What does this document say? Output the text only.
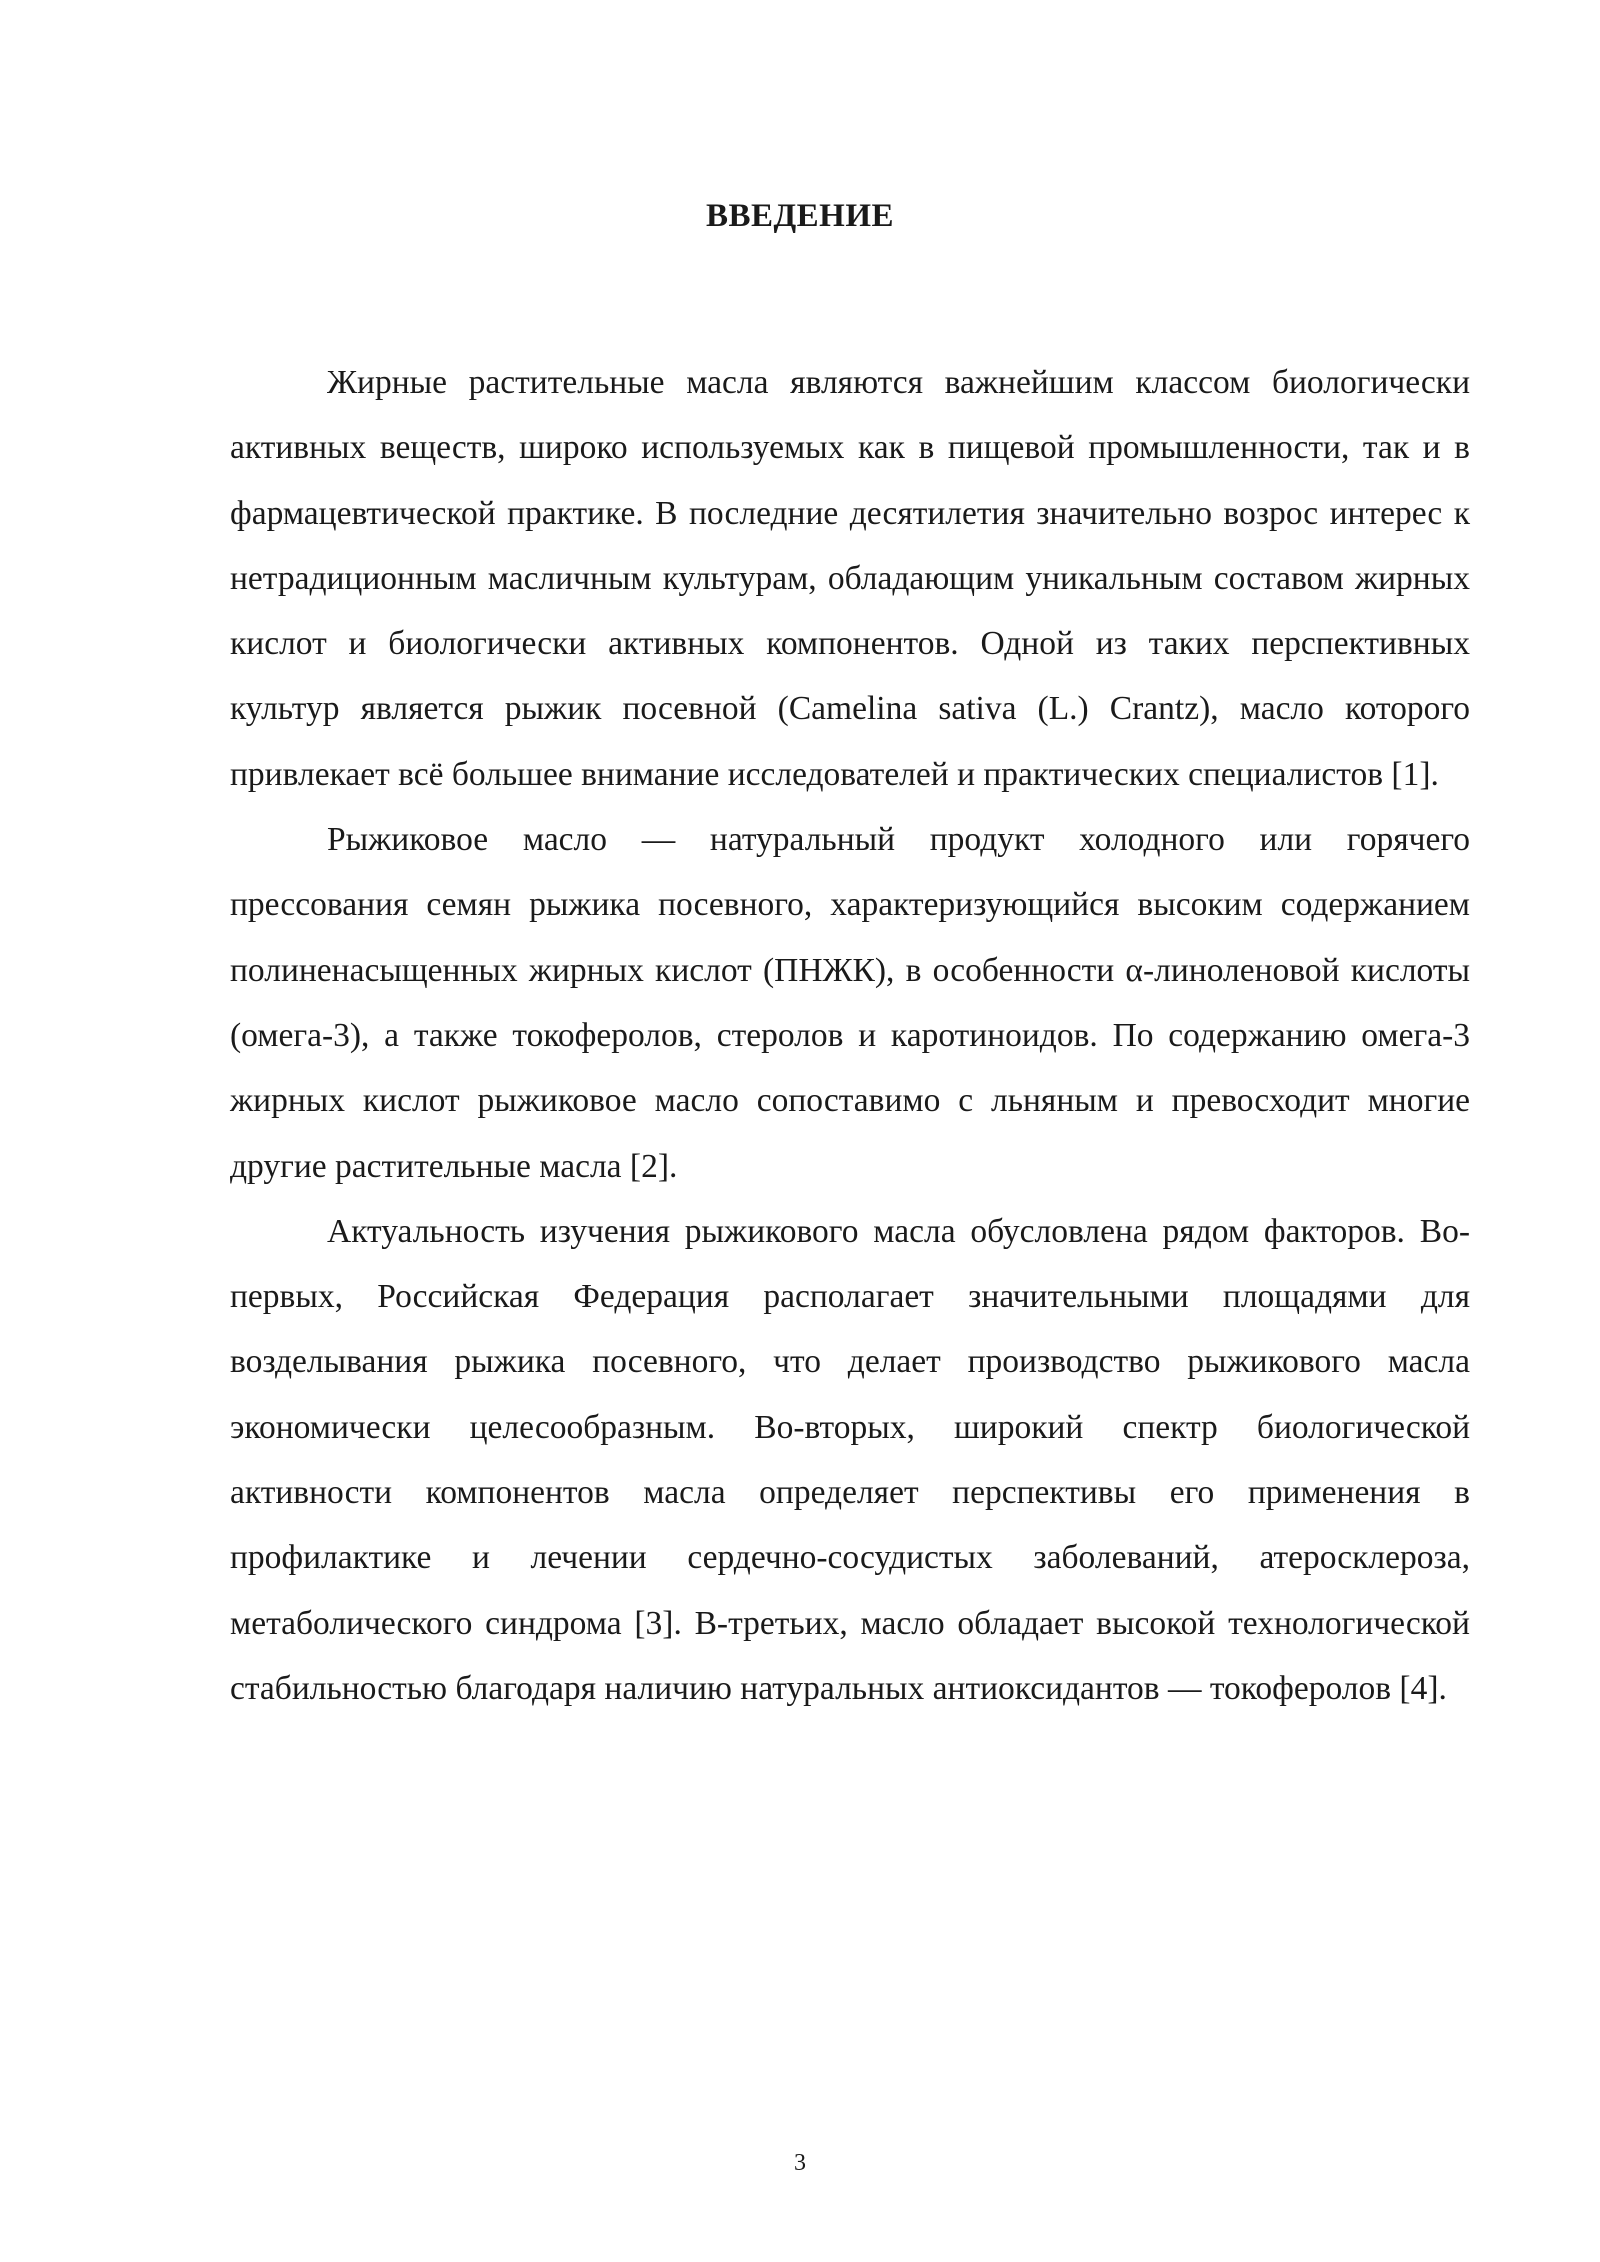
ВВЕДЕНИЕ

Жирные растительные масла являются важнейшим классом биологически активных веществ, широко используемых как в пищевой промышленности, так и в фармацевтической практике. В последние десятилетия значительно возрос интерес к нетрадиционным масличным культурам, обладающим уникальным составом жирных кислот и биологически активных компонентов. Одной из таких перспективных культур является рыжик посевной (Camelina sativa (L.) Crantz), масло которого привлекает всё большее внимание исследователей и практических специалистов [1].

Рыжиковое масло — натуральный продукт холодного или горячего прессования семян рыжика посевного, характеризующийся высоким содержанием полиненасыщенных жирных кислот (ПНЖК), в особенности α-линоленовой кислоты (омега-3), а также токоферолов, стеролов и каротиноидов. По содержанию омега-3 жирных кислот рыжиковое масло сопоставимо с льняным и превосходит многие другие растительные масла [2].

Актуальность изучения рыжикового масла обусловлена рядом факторов. Во-первых, Российская Федерация располагает значительными площадями для возделывания рыжика посевного, что делает производство рыжикового масла экономически целесообразным. Во-вторых, широкий спектр биологической активности компонентов масла определяет перспективы его применения в профилактике и лечении сердечно-сосудистых заболеваний, атеросклероза, метаболического синдрома [3]. В-третьих, масло обладает высокой технологической стабильностью благодаря наличию натуральных антиоксидантов — токоферолов [4].

3
